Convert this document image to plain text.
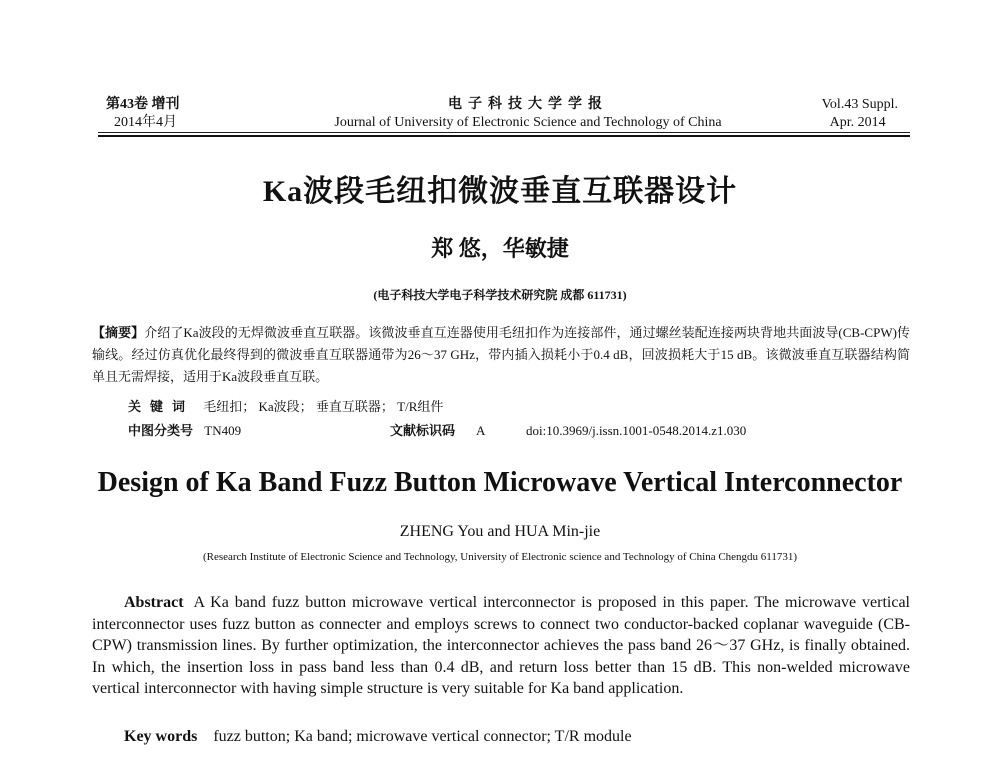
第43卷 增刊
2014年4月
电子科技大学学报
Journal of University of Electronic Science and Technology of China
Vol.43 Suppl.
Apr. 2014
Ka波段毛纽扣微波垂直互联器设计
郑 悠，华敏捷
(电子科技大学电子科学技术研究院 成都 611731)
【摘要】介绍了Ka波段的无焊微波垂直互联器。该微波垂直互连器使用毛纽扣作为连接部件，通过螺丝装配连接两块背地共面波导(CB-CPW)传输线。经过仿真优化最终得到的微波垂直互联器通带为26～37 GHz，带内插入损耗小于0.4 dB，回波损耗大于15 dB。该微波垂直互联器结构简单且无需焊接，适用于Ka波段垂直互联。
关键词 毛纽扣； Ka波段； 垂直互联器； T/R组件
中图分类号 TN409	文献标识码 A	doi:10.3969/j.issn.1001-0548.2014.z1.030
Design of Ka Band Fuzz Button Microwave Vertical Interconnector
ZHENG You and HUA Min-jie
(Research Institute of Electronic Science and Technology, University of Electronic science and Technology of China Chengdu 611731)
Abstract A Ka band fuzz button microwave vertical interconnector is proposed in this paper. The microwave vertical interconnector uses fuzz button as connecter and employs screws to connect two conductor-backed coplanar waveguide (CB-CPW) transmission lines. By further optimization, the interconnector achieves the pass band 26～37 GHz, is finally obtained. In which, the insertion loss in pass band less than 0.4 dB, and return loss better than 15 dB. This non-welded microwave vertical interconnector with having simple structure is very suitable for Ka band application.
Key words fuzz button; Ka band; microwave vertical connector; T/R module
